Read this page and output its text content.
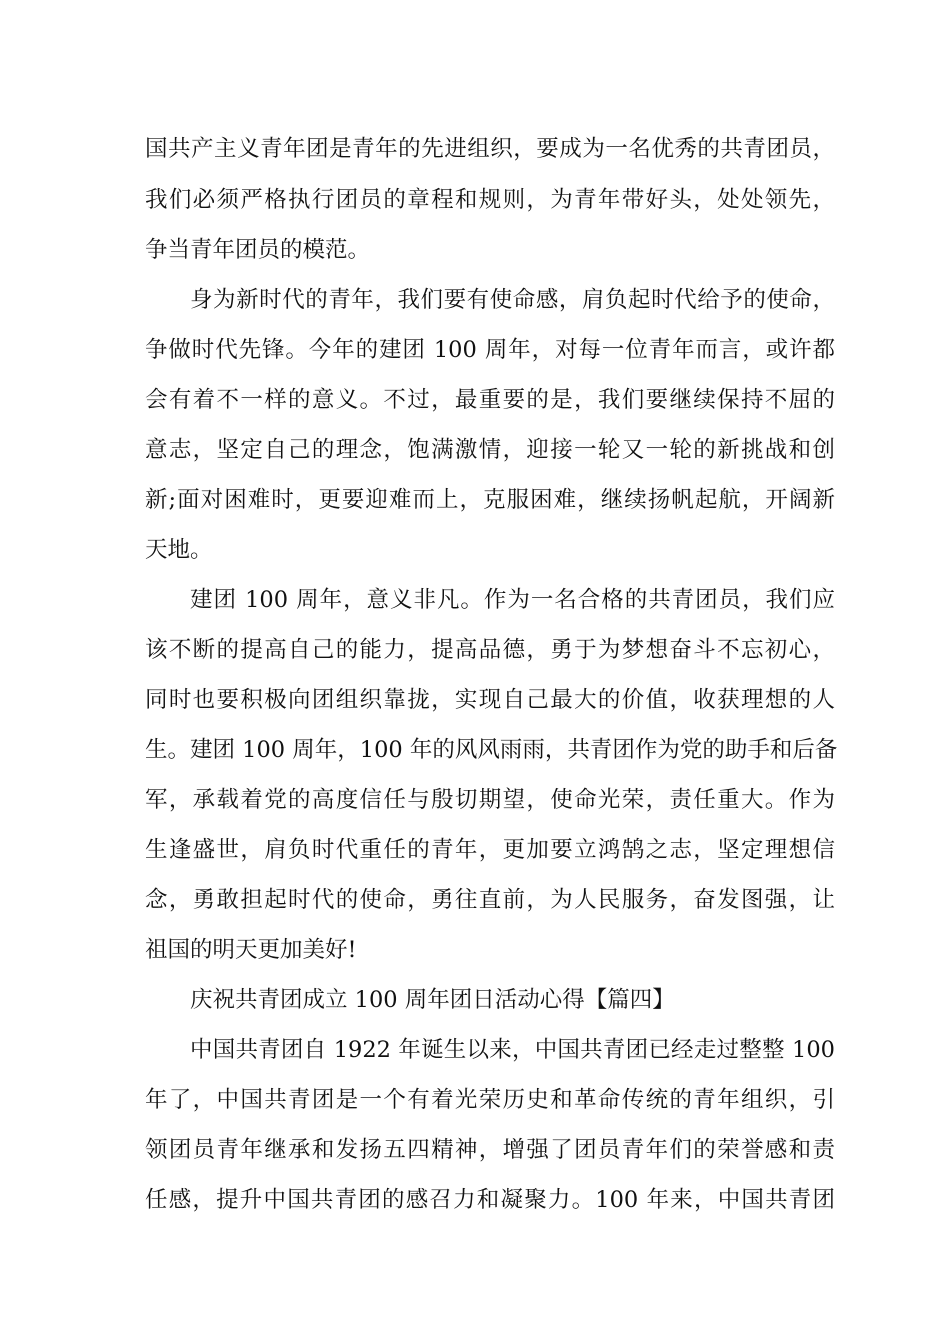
国共产主义青年团是青年的先进组织，要成为一名优秀的共青团员，

我们必须严格执行团员的章程和规则，为青年带好头，处处领先，

争当青年团员的模范。

身为新时代的青年，我们要有使命感，肩负起时代给予的使命，

争做时代先锋。今年的建团 100 周年，对每一位青年而言，或许都

会有着不一样的意义。不过，最重要的是，我们要继续保持不屈的

意志，坚定自己的理念，饱满激情，迎接一轮又一轮的新挑战和创

新;面对困难时，更要迎难而上，克服困难，继续扬帆起航，开阔新

天地。

建团 100 周年，意义非凡。作为一名合格的共青团员，我们应

该不断的提高自己的能力，提高品德，勇于为梦想奋斗不忘初心，

同时也要积极向团组织靠拢，实现自己最大的价值，收获理想的人

生。建团 100 周年，100 年的风风雨雨，共青团作为党的助手和后备

军，承载着党的高度信任与殷切期望，使命光荣，责任重大。作为

生逢盛世，肩负时代重任的青年，更加要立鸿鹄之志，坚定理想信

念，勇敢担起时代的使命，勇往直前，为人民服务，奋发图强，让

祖国的明天更加美好!

庆祝共青团成立 100 周年团日活动心得【篇四】

中国共青团自 1922 年诞生以来，中国共青团已经走过整整 100

年了，中国共青团是一个有着光荣历史和革命传统的青年组织，引

领团员青年继承和发扬五四精神，增强了团员青年们的荣誉感和责

任感，提升中国共青团的感召力和凝聚力。100 年来，中国共青团
